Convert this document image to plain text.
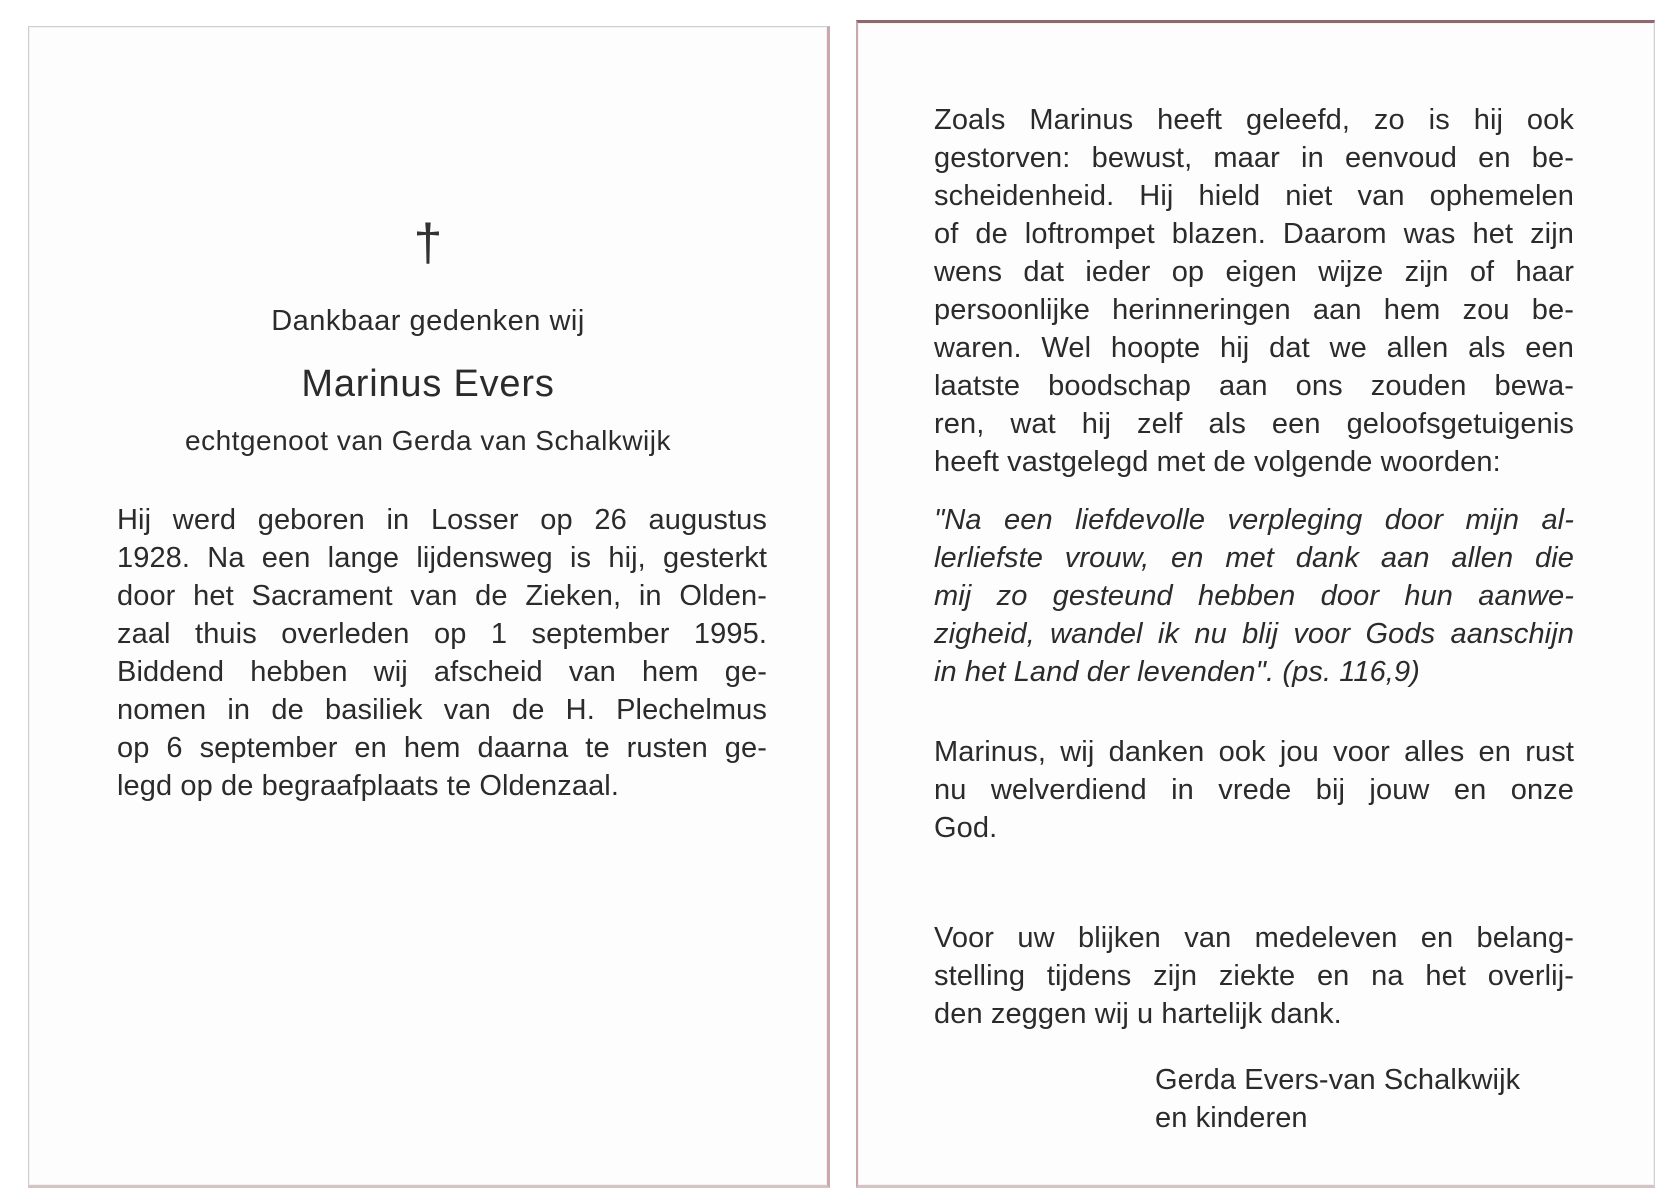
†
Dankbaar gedenken wij
Marinus Evers
echtgenoot van Gerda van Schalkwijk
Hij werd geboren in Losser op 26 augustus
1928. Na een lange lijdensweg is hij, gesterkt
door het Sacrament van de Zieken, in Olden-
zaal thuis overleden op 1 september 1995.
Biddend hebben wij afscheid van hem ge-
nomen in de basiliek van de H. Plechelmus
op 6 september en hem daarna te rusten ge-
legd op de begraafplaats te Oldenzaal.
Zoals Marinus heeft geleefd, zo is hij ook
gestorven: bewust, maar in eenvoud en be-
scheidenheid. Hij hield niet van ophemelen
of de loftrompet blazen. Daarom was het zijn
wens dat ieder op eigen wijze zijn of haar
persoonlijke herinneringen aan hem zou be-
waren. Wel hoopte hij dat we allen als een
laatste boodschap aan ons zouden bewa-
ren, wat hij zelf als een geloofsgetuigenis
heeft vastgelegd met de volgende woorden:
"Na een liefdevolle verpleging door mijn al-
lerliefste vrouw, en met dank aan allen die
mij zo gesteund hebben door hun aanwe-
zigheid, wandel ik nu blij voor Gods aanschijn
in het Land der levenden". (ps. 116,9)
Marinus, wij danken ook jou voor alles en rust
nu welverdiend in vrede bij jouw en onze
God.
Voor uw blijken van medeleven en belang-
stelling tijdens zijn ziekte en na het overlij-
den zeggen wij u hartelijk dank.
Gerda Evers-van Schalkwijk
en kinderen
